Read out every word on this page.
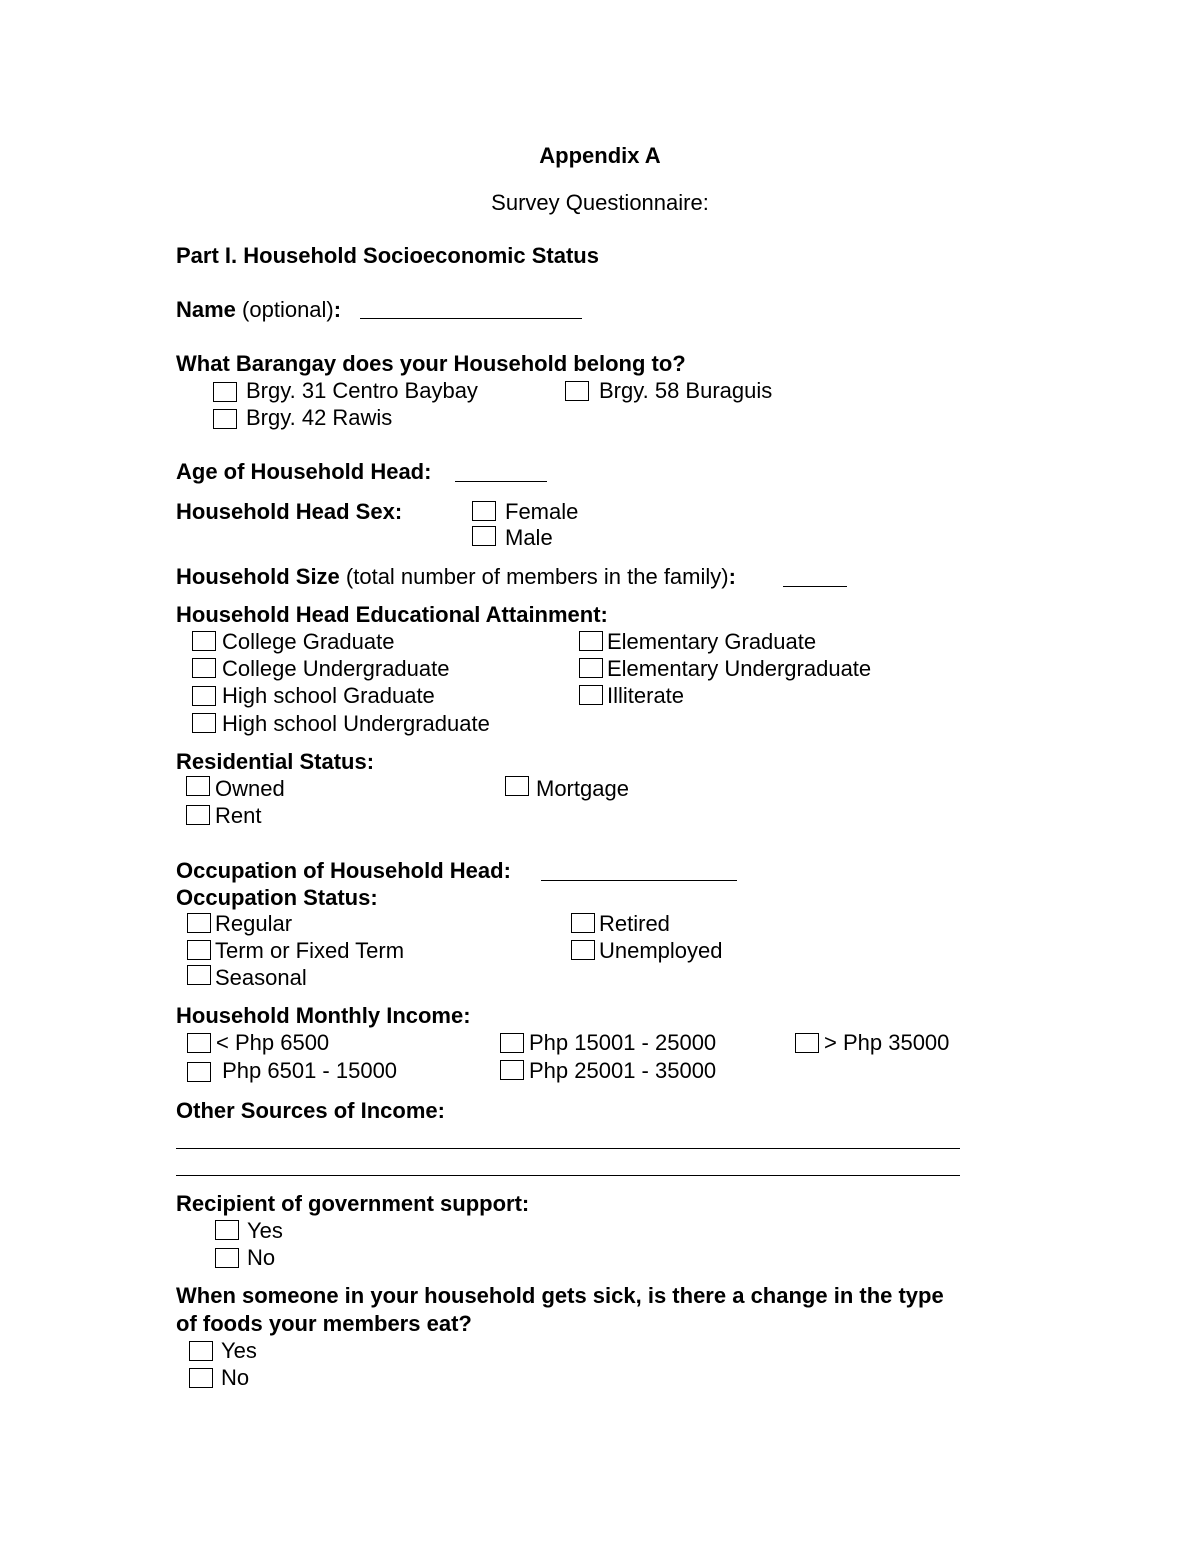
Appendix A
Survey Questionnaire:
Part I. Household Socioeconomic Status
Name (optional):
What Barangay does your Household belong to?
Brgy. 31 Centro Baybay	Brgy. 58 Buraguis
Brgy. 42 Rawis
Age of Household Head:
Household Head Sex:	Female
Male
Household Size (total number of members in the family):
Household Head Educational Attainment:
College Graduate
College Undergraduate
High school Graduate
High school Undergraduate
Elementary Graduate
Elementary Undergraduate
Illiterate
Residential Status:
Owned
Rent
Mortgage
Occupation of Household Head:
Occupation Status:
Regular
Term or Fixed Term
Seasonal
Retired
Unemployed
Household Monthly Income:
< Php 6500
Php 6501 - 15000
Php 15001 - 25000
Php 25001 - 35000
> Php 35000
Other Sources of Income:
Recipient of government support:
Yes
No
When someone in your household gets sick, is there a change in the type
of foods your members eat?
Yes
No
